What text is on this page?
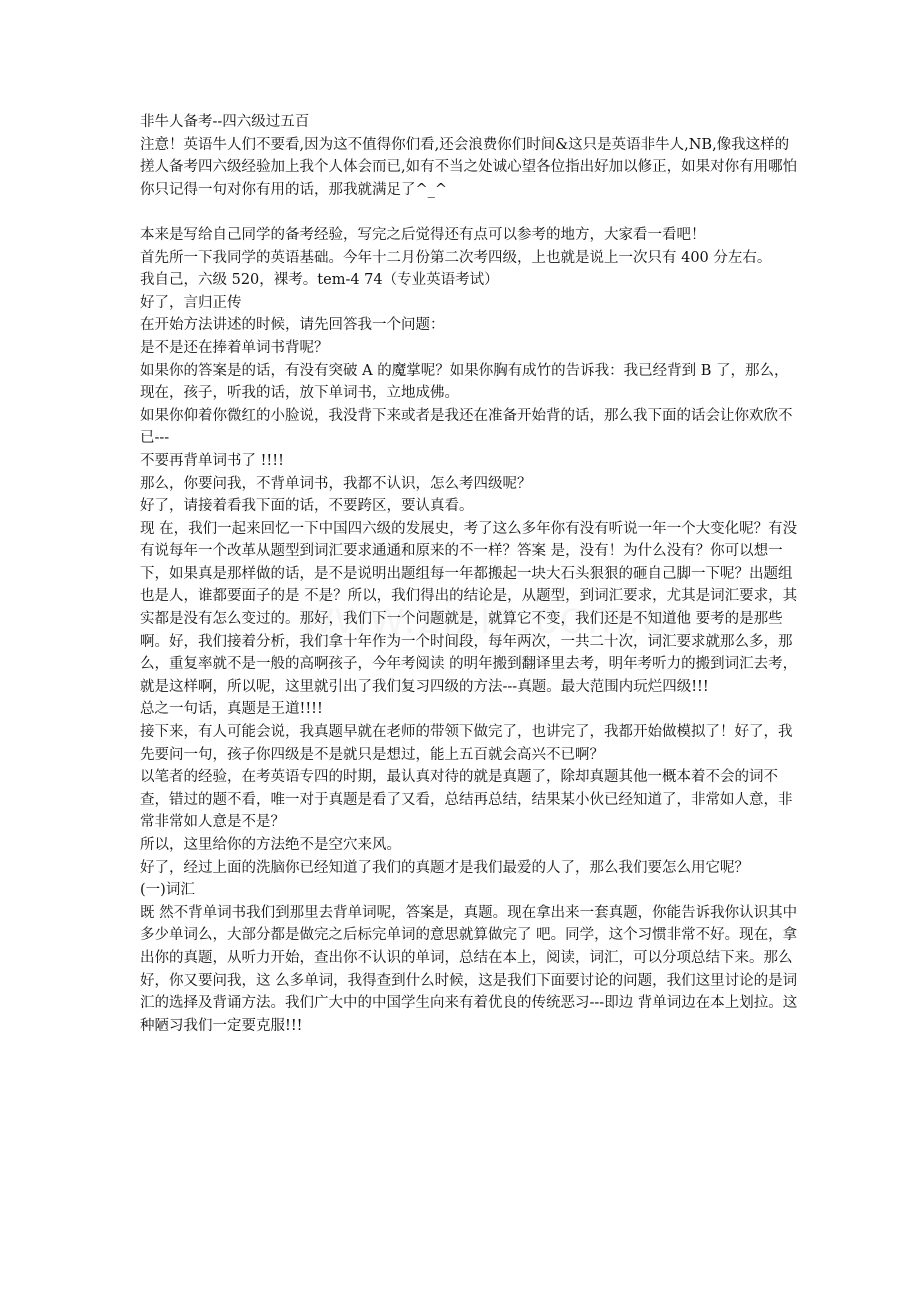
非牛人备考--四六级过五百

注意！英语牛人们不要看,因为这不值得你们看,还会浪费你们时间&这只是英语非牛人,NB,像我这样的搓人备考四六级经验加上我个人体会而已,如有不当之处诚心望各位指出好加以修正，如果对你有用哪怕你只记得一句对你有用的话，那我就满足了^_^

本来是写给自己同学的备考经验，写完之后觉得还有点可以参考的地方，大家看一看吧！

首先所一下我同学的英语基础。今年十二月份第二次考四级，上也就是说上一次只有 400 分左右。

我自己，六级 520，裸考。tem-4 74（专业英语考试）

好了，言归正传

在开始方法讲述的时候，请先回答我一个问题：

是不是还在捧着单词书背呢？

如果你的答案是的话，有没有突破 A 的魔掌呢？如果你胸有成竹的告诉我：我已经背到 B 了，那么，现在，孩子，听我的话，放下单词书，立地成佛。

如果你仰着你微红的小脸说，我没背下来或者是我还在准备开始背的话，那么我下面的话会让你欢欣不已---

不要再背单词书了 !!!!

那么，你要问我，不背单词书，我都不认识，怎么考四级呢？

好了，请接着看我下面的话，不要跨区，要认真看。

现 在，我们一起来回忆一下中国四六级的发展史，考了这么多年你有没有听说一年一个大变化呢？有没有说每年一个改革从题型到词汇要求通通和原来的不一样？答案 是，没有！为什么没有？你可以想一下，如果真是那样做的话，是不是说明出题组每一年都搬起一块大石头狠狠的砸自己脚一下呢？出题组也是人，谁都要面子的是 不是？所以，我们得出的结论是，从题型，到词汇要求，尤其是词汇要求，其实都是没有怎么变过的。那好，我们下一个问题就是，就算它不变，我们还是不知道他 要考的是那些啊。好，我们接着分析，我们拿十年作为一个时间段，每年两次，一共二十次，词汇要求就那么多，那么，重复率就不是一般的高啊孩子，今年考阅读 的明年搬到翻译里去考，明年考听力的搬到词汇去考，就是这样啊，所以呢，这里就引出了我们复习四级的方法---真题。最大范围内玩烂四级!!!

总之一句话，真题是王道!!!!

接下来，有人可能会说，我真题早就在老师的带领下做完了，也讲完了，我都开始做模拟了！好了，我先要问一句，孩子你四级是不是就只是想过，能上五百就会高兴不已啊？

以笔者的经验，在考英语专四的时期，最认真对待的就是真题了，除却真题其他一概本着不会的词不查，错过的题不看，唯一对于真题是看了又看，总结再总结，结果某小伙已经知道了，非常如人意，非常非常如人意是不是？

所以，这里给你的方法绝不是空穴来风。

好了，经过上面的洗脑你已经知道了我们的真题才是我们最爱的人了，那么我们要怎么用它呢？

(一)词汇

既 然不背单词书我们到那里去背单词呢，答案是，真题。现在拿出来一套真题，你能告诉我你认识其中多少单词么，大部分都是做完之后标完单词的意思就算做完了 吧。同学，这个习惯非常不好。现在，拿出你的真题，从听力开始，查出你不认识的单词，总结在本上，阅读，词汇，可以分项总结下来。那么好，你又要问我，这 么多单词，我得查到什么时候，这是我们下面要讨论的问题，我们这里讨论的是词汇的选择及背诵方法。我们广大中的中国学生向来有着优良的传统恶习---即边 背单词边在本上划拉。这种陋习我们一定要克服!!!
